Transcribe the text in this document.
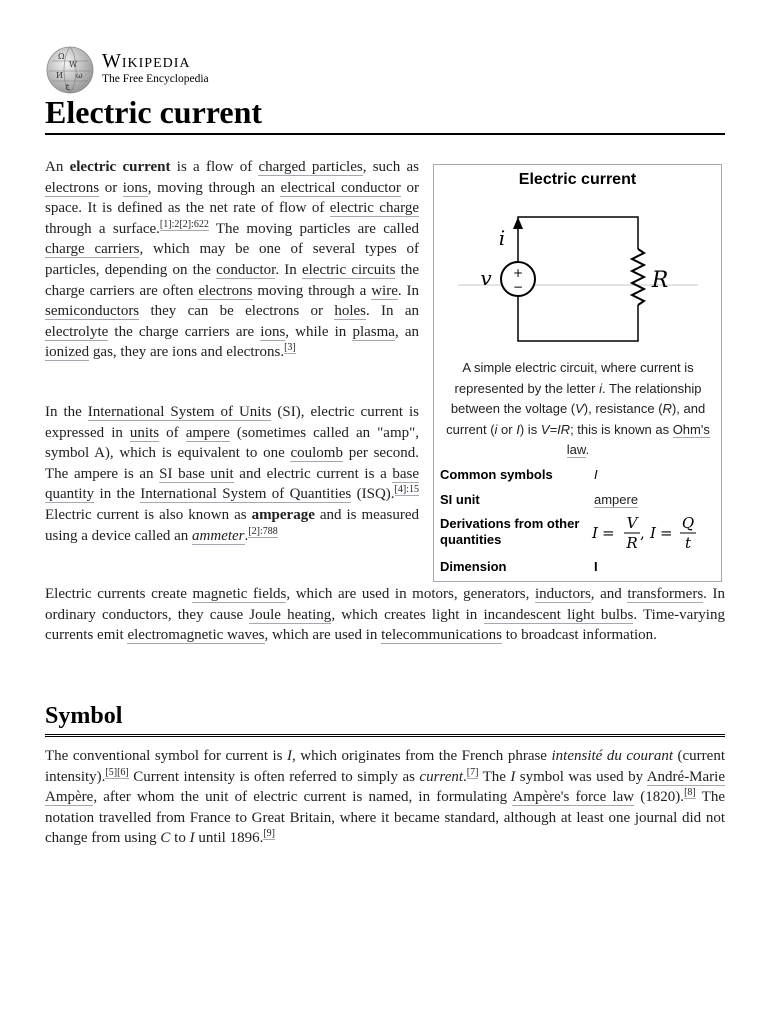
Ω
W
И ω
ج
Wikipedia
The Free Encyclopedia
Electric current

An electric current is a flow of charged particles, such as electrons or ions, moving through an electrical conductor or space. It is defined as the net rate of flow of electric charge through a surface.$^{[1]:2[2]:622}$ The moving particles are called charge carriers, which may be one of several types of particles, depending on the conductor. In electric circuits the charge carriers are often electrons moving through a wire. In semiconductors they can be electrons or holes. In an electrolyte the charge carriers are ions, while in plasma, an ionized gas, they are ions and electrons.[3]

In the International System of Units (SI), electric current is expressed in units of ampere (sometimes called an "amp", symbol A), which is equivalent to one coulomb per second. The ampere is an SI base unit and electric current is a base quantity in the International System of Quantities (ISQ).$^{[4]:15}$ Electric current is also known as amperage and is measured using a device called an ammeter.$^{[2]:788}$

Electric currents create magnetic fields, which are used in motors, generators, inductors, and transformers. In ordinary conductors, they cause Joule heating, which creates light in incandescent light bulbs. Time-varying currents emit electromagnetic waves, which are used in telecommunications to broadcast information.

Electric current
+
−
i
v	R
A simple electric circuit, where current is represented by the letter i. The relationship between the voltage (V), resistance (R), and current (i or I) is V=IR; this is known as Ohm's law.
Common symbols	I
SI unit	ampere
Derivations from other quantities	I =
V
R
, I =
Q
t
Dimension	I
Symbol

The conventional symbol for current is I, which originates from the French phrase intensité du courant (current intensity).[5][6] Current intensity is often referred to simply as current.[7] The I symbol was used by André-Marie Ampère, after whom the unit of electric current is named, in formulating Ampère's force law (1820).[8] The notation travelled from France to Great Britain, where it became standard, although at least one journal did not change from using C to I until 1896.[9]
